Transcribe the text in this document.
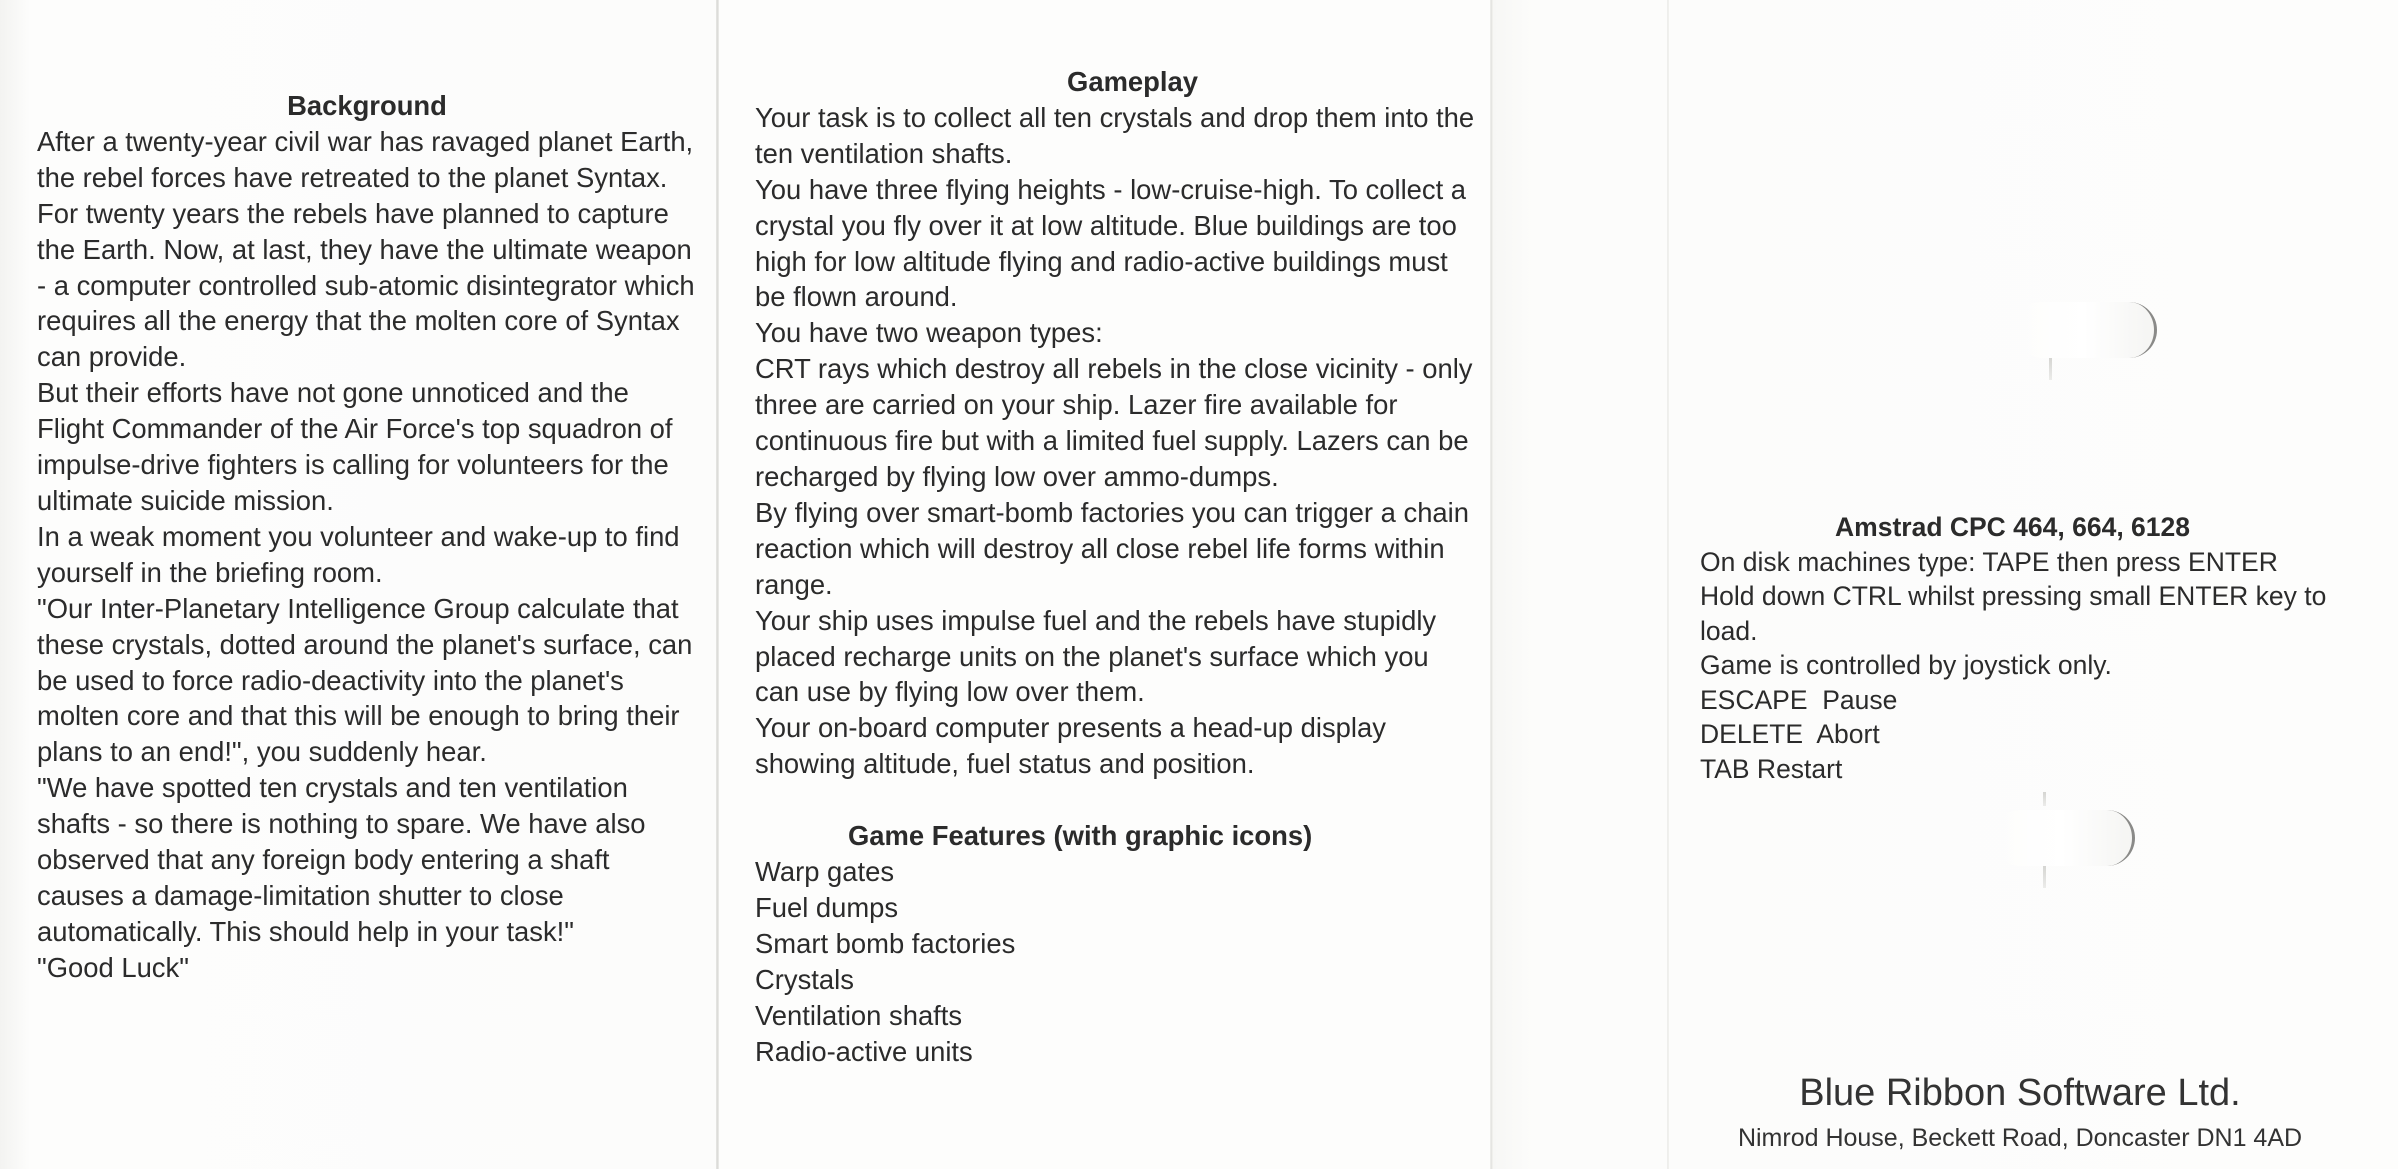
Background

After a twenty-year civil war has ravaged planet Earth, the rebel forces have retreated to the planet Syntax.

For twenty years the rebels have planned to capture the Earth. Now, at last, they have the ultimate weapon - a computer controlled sub-atomic disintegrator which requires all the energy that the molten core of Syntax can provide.

But their efforts have not gone unnoticed and the Flight Commander of the Air Force's top squadron of impulse-drive fighters is calling for volunteers for the ultimate suicide mission.

In a weak moment you volunteer and wake-up to find yourself in the briefing room.

"Our Inter-Planetary Intelligence Group calculate that these crystals, dotted around the planet's surface, can be used to force radio-deactivity into the planet's molten core and that this will be enough to bring their plans to an end!", you suddenly hear.

"We have spotted ten crystals and ten ventilation shafts - so there is nothing to spare. We have also observed that any foreign body entering a shaft causes a damage-limitation shutter to close automatically. This should help in your task!"

"Good Luck"

Gameplay

Your task is to collect all ten crystals and drop them into the ten ventilation shafts.

You have three flying heights - low-cruise-high. To collect a crystal you fly over it at low altitude. Blue buildings are too high for low altitude flying and radio-active buildings must be flown around.

You have two weapon types:

CRT rays which destroy all rebels in the close vicinity - only three are carried on your ship. Lazer fire available for continuous fire but with a limited fuel supply. Lazers can be recharged by flying low over ammo-dumps.

By flying over smart-bomb factories you can trigger a chain reaction which will destroy all close rebel life forms within range.

Your ship uses impulse fuel and the rebels have stupidly placed recharge units on the planet's surface which you can use by flying low over them.

Your on-board computer presents a head-up display showing altitude, fuel status and position.

Game Features (with graphic icons)

Warp gates

Fuel dumps

Smart bomb factories

Crystals

Ventilation shafts

Radio-active units

Amstrad CPC 464, 664, 6128

On disk machines type: TAPE then press ENTER

Hold down CTRL whilst pressing small ENTER key to load.

Game is controlled by joystick only.

ESCAPE  Pause

DELETE  Abort

TAB Restart

Blue Ribbon Software Ltd.
Nimrod House, Beckett Road, Doncaster DN1 4AD
